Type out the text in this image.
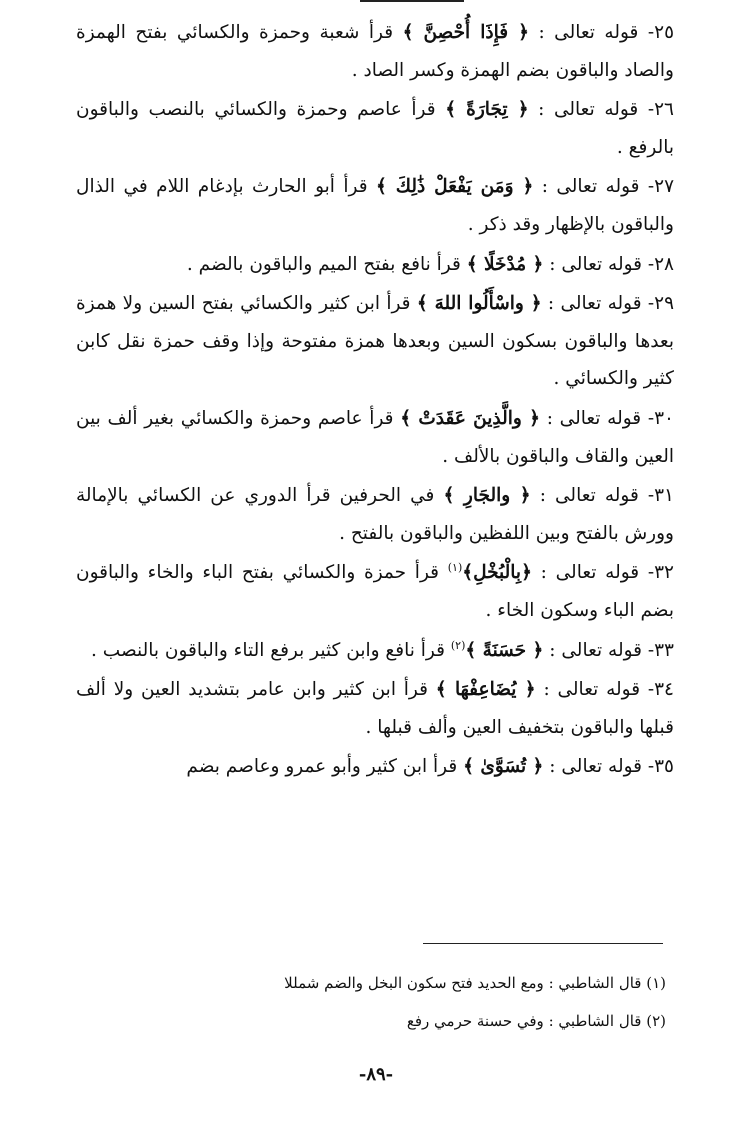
٢٥- قوله تعالى : ﴿ فَإِذَا أُحْصِنَّ ﴾ قرأ شعبة وحمزة والكسائي بفتح الهمزة والصاد والباقون بضم الهمزة وكسر الصاد .

٢٦- قوله تعالى : ﴿ تِجَارَةً ﴾ قرأ عاصم وحمزة والكسائي بالنصب والباقون بالرفع .

٢٧- قوله تعالى : ﴿ وَمَن يَفْعَلْ ذَٰلِكَ ﴾ قرأ أبو الحارث بإدغام اللام في الذال والباقون بالإظهار وقد ذكر .

٢٨- قوله تعالى : ﴿ مُدْخَلًا ﴾ قرأ نافع بفتح الميم والباقون بالضم .

٢٩- قوله تعالى : ﴿ واسْأَلُوا اللهَ ﴾ قرأ ابن كثير والكسائي بفتح السين ولا همزة بعدها والباقون بسكون السين وبعدها همزة مفتوحة وإذا وقف حمزة نقل كابن كثير والكسائي .

٣٠- قوله تعالى : ﴿ والَّذِينَ عَقَدَتْ ﴾ قرأ عاصم وحمزة والكسائي بغير ألف بين العين والقاف والباقون بالألف .

٣١- قوله تعالى : ﴿ والجَارِ ﴾ في الحرفين قرأ الدوري عن الكسائي بالإمالة وورش بالفتح وبين اللفظين والباقون بالفتح .

٣٢- قوله تعالى : ﴿بِالْبُخْلِ﴾$^{(١)}$ قرأ حمزة والكسائي بفتح الباء والخاء والباقون بضم الباء وسكون الخاء .

٣٣- قوله تعالى : ﴿ حَسَنَةً ﴾$^{(٢)}$ قرأ نافع وابن كثير برفع التاء والباقون بالنصب .

٣٤- قوله تعالى : ﴿ يُضَاعِفْهَا ﴾ قرأ ابن كثير وابن عامر بتشديد العين ولا ألف قبلها والباقون بتخفيف العين وألف قبلها .

٣٥- قوله تعالى : ﴿ تُسَوَّىٰ ﴾ قرأ ابن كثير وأبو عمرو وعاصم بضم

(١) قال الشاطبي : ومع الحديد فتح سكون البخل والضم شمللا
(٢) قال الشاطبي : وفي حسنة حرمي رفع
-٨٩-
